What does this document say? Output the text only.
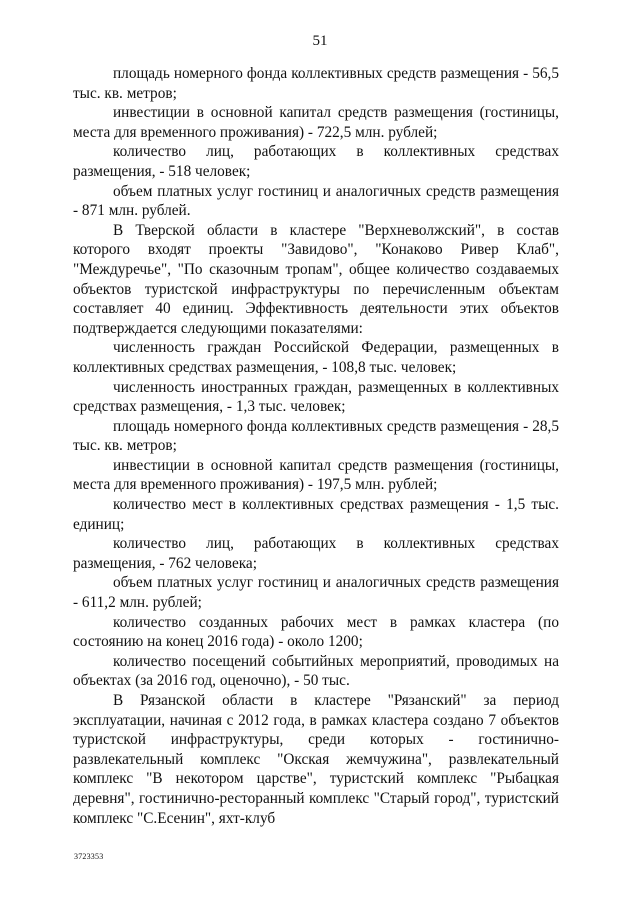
51

площадь номерного фонда коллективных средств размещения - 56,5 тыс. кв. метров;

инвестиции в основной капитал средств размещения (гостиницы, места для временного проживания) - 722,5 млн. рублей;

количество лиц, работающих в коллективных средствах размещения, - 518 человек;

объем платных услуг гостиниц и аналогичных средств размещения - 871 млн. рублей.

В Тверской области в кластере "Верхневолжский", в состав которого входят проекты "Завидово", "Конаково Ривер Клаб", "Междуречье", "По сказочным тропам", общее количество создаваемых объектов туристской инфраструктуры по перечисленным объектам составляет 40 единиц. Эффективность деятельности этих объектов подтверждается следующими показателями:

численность граждан Российской Федерации, размещенных в коллективных средствах размещения, - 108,8 тыс. человек;

численность иностранных граждан, размещенных в коллективных средствах размещения, - 1,3 тыс. человек;

площадь номерного фонда коллективных средств размещения - 28,5 тыс. кв. метров;

инвестиции в основной капитал средств размещения (гостиницы, места для временного проживания) - 197,5 млн. рублей;

количество мест в коллективных средствах размещения - 1,5 тыс. единиц;

количество лиц, работающих в коллективных средствах размещения, - 762 человека;

объем платных услуг гостиниц и аналогичных средств размещения - 611,2 млн. рублей;

количество созданных рабочих мест в рамках кластера (по состоянию на конец 2016 года) - около 1200;

количество посещений событийных мероприятий, проводимых на объектах (за 2016 год, оценочно), - 50 тыс.

В Рязанской области в кластере "Рязанский" за период эксплуатации, начиная с 2012 года, в рамках кластера создано 7 объектов туристской инфраструктуры, среди которых - гостинично-развлекательный комплекс "Окская жемчужина", развлекательный комплекс "В некотором царстве", туристский комплекс "Рыбацкая деревня", гостинично-ресторанный комплекс "Старый город", туристский комплекс "С.Есенин", яхт-клуб

3723353
